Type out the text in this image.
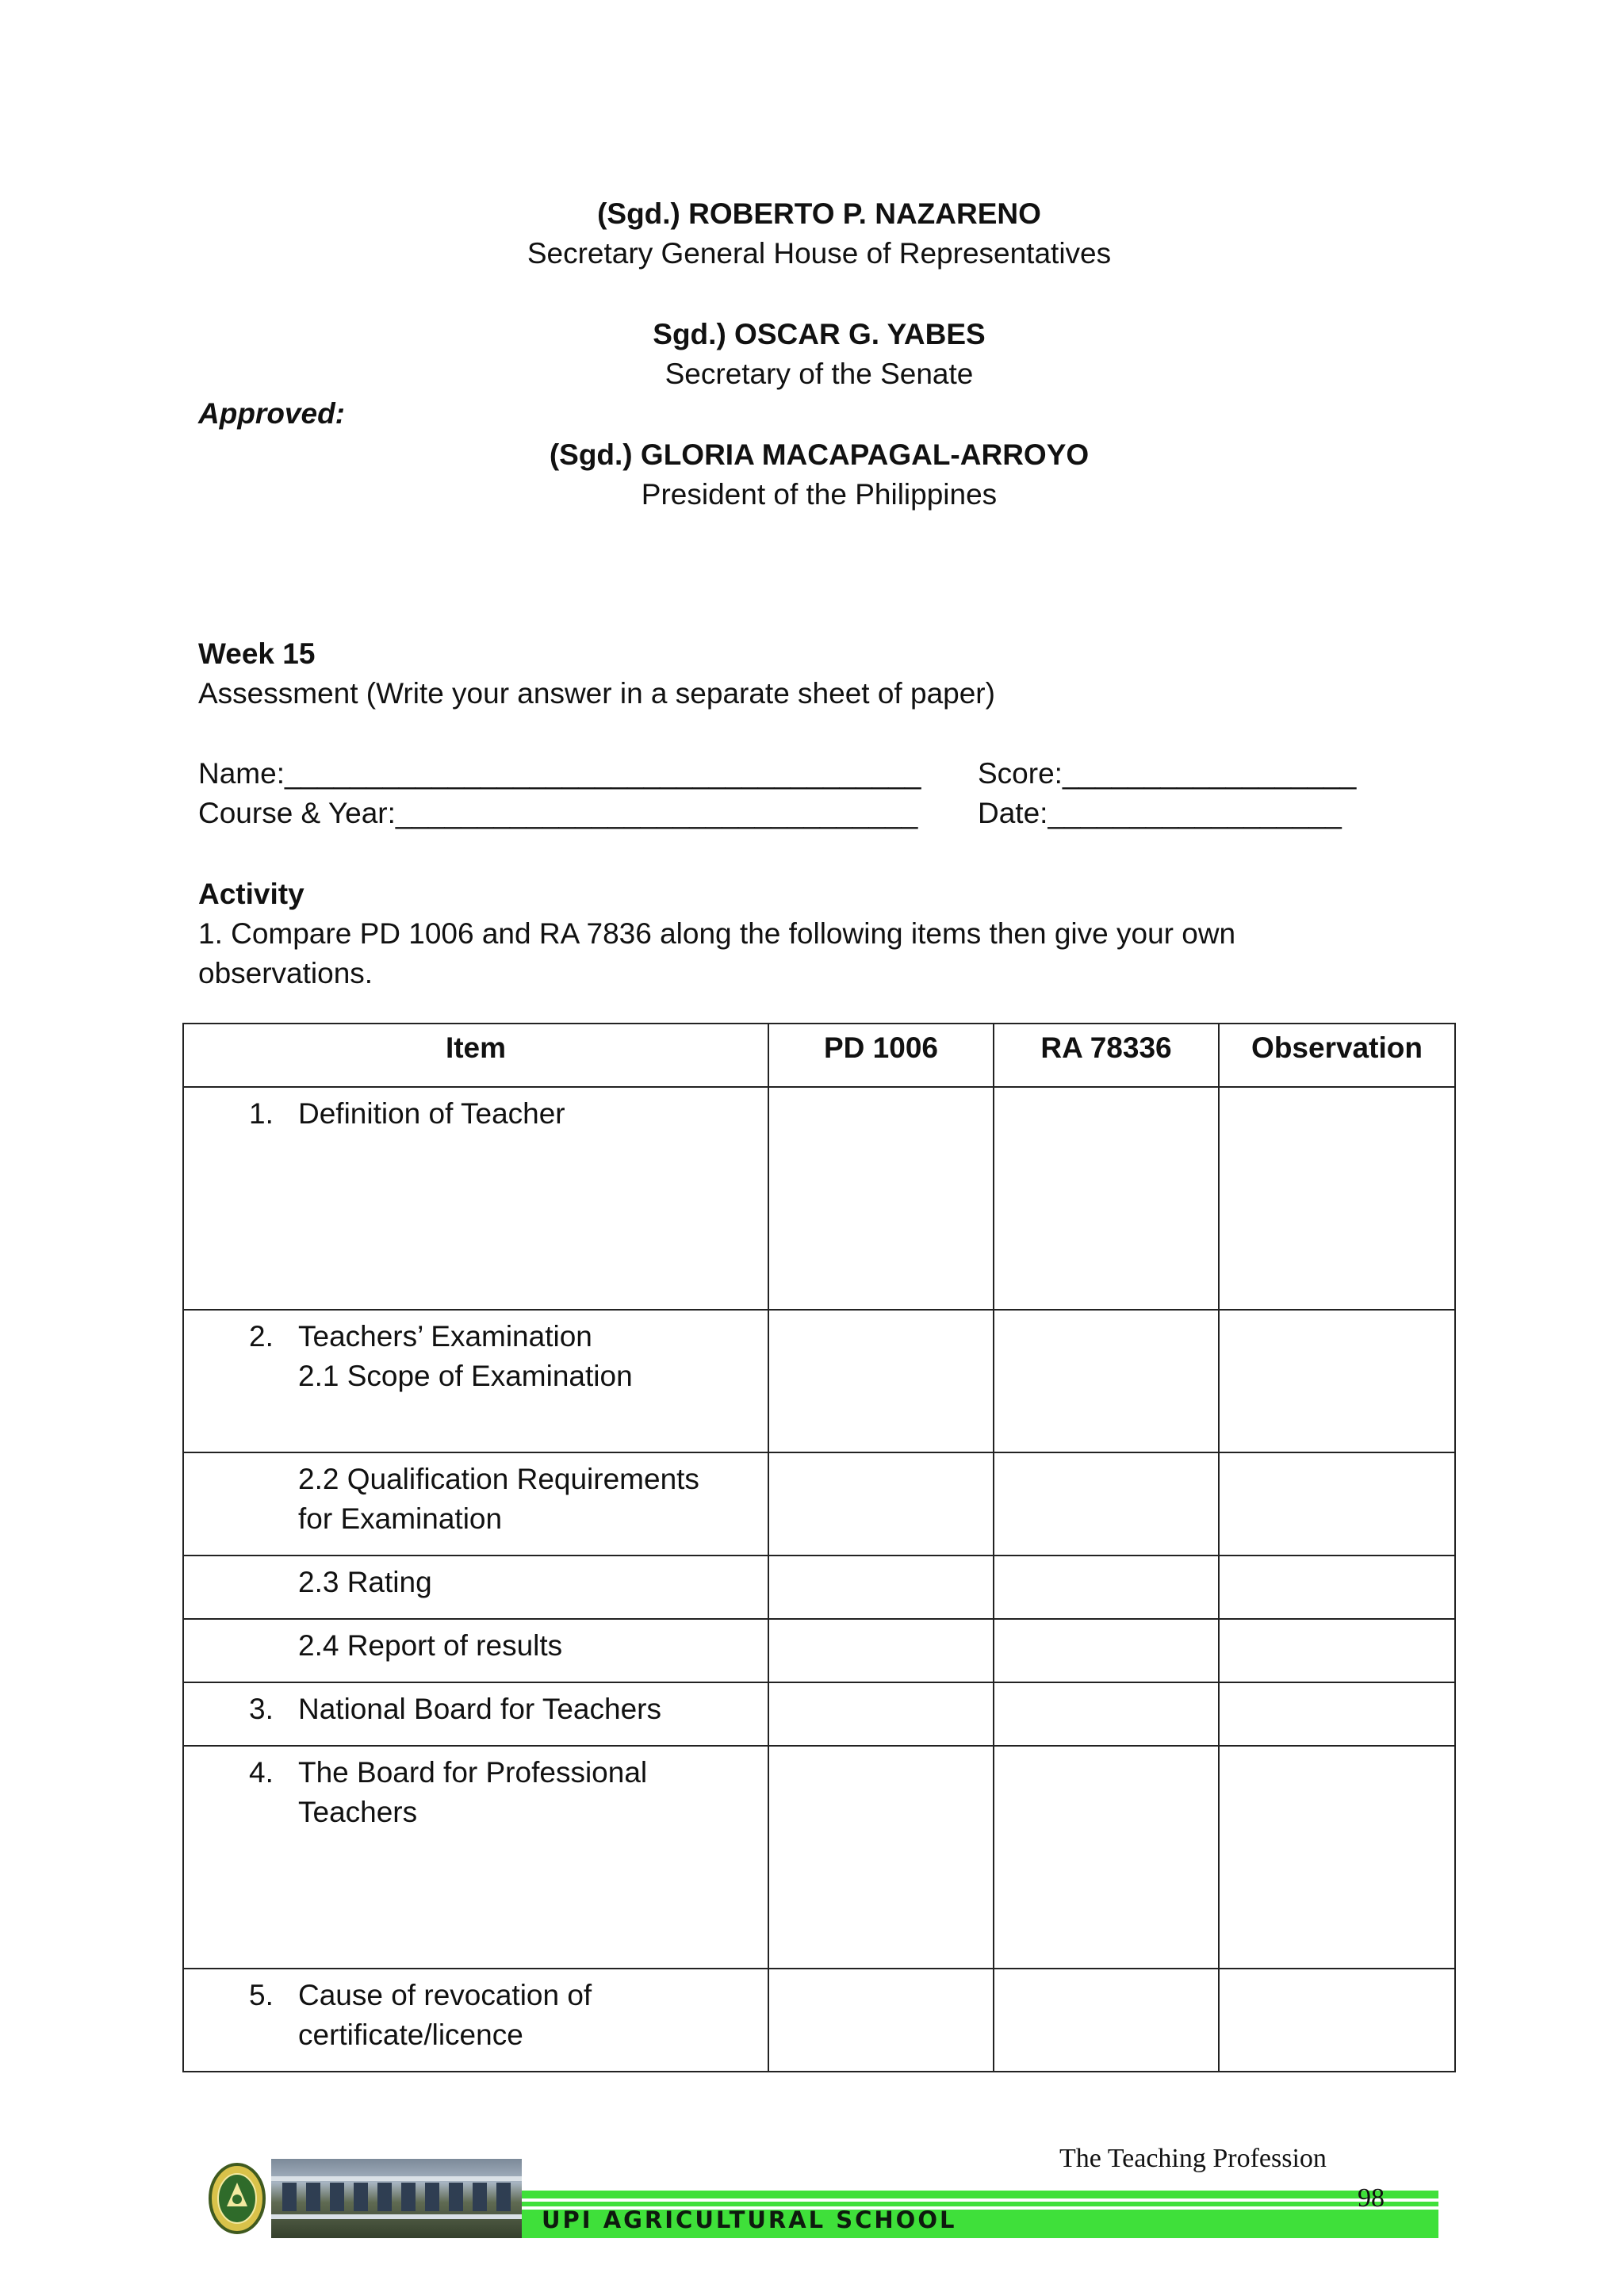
(Sgd.) ROBERTO P. NAZARENO
Secretary General House of Representatives
Sgd.) OSCAR G. YABES
Secretary of the Senate
Approved:
(Sgd.) GLORIA MACAPAGAL-ARROYO
President of the Philippines
Week 15
Assessment (Write your answer in a separate sheet of paper)
Name:_______________________________________ Score:__________________
Course & Year:________________________________ Date:__________________
Activity
1. Compare PD 1006 and RA 7836 along the following items then give your own
observations.
Item	PD 1006	RA 78336	Observation

1. Definition of Teacher			

2. Teachers’ Examination
2.1 Scope of Examination			

2.2 Qualification Requirements
for Examination			

2.3 Rating			

2.4 Report of results			

3. National Board for Teachers			

4. The Board for Professional
Teachers			

5. Cause of revocation of
certificate/licence			

The Teaching Profession
98
UPI AGRICULTURAL SCHOOL
